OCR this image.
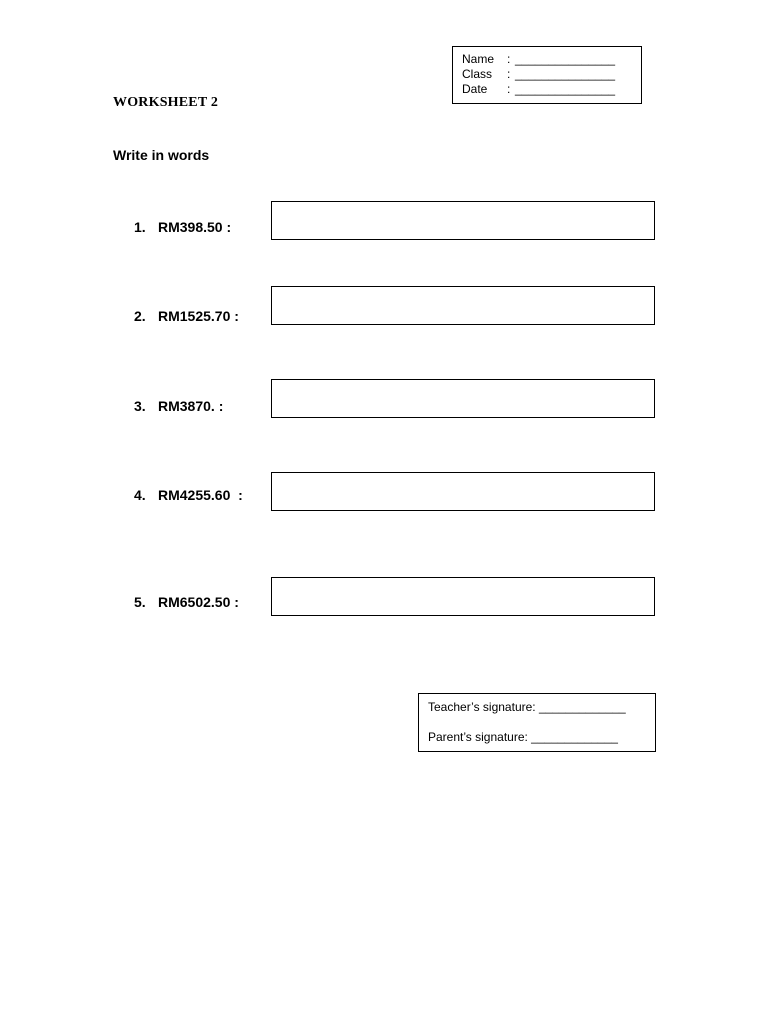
Name	: _______________
Class	: _______________
Date	: _______________
WORKSHEET 2
Write in words
1. RM398.50 :
2. RM1525.70 :
3. RM3870. :
4. RM4255.60  :
5. RM6502.50 :
Teacher’s signature: _____________
Parent’s signature: _____________
